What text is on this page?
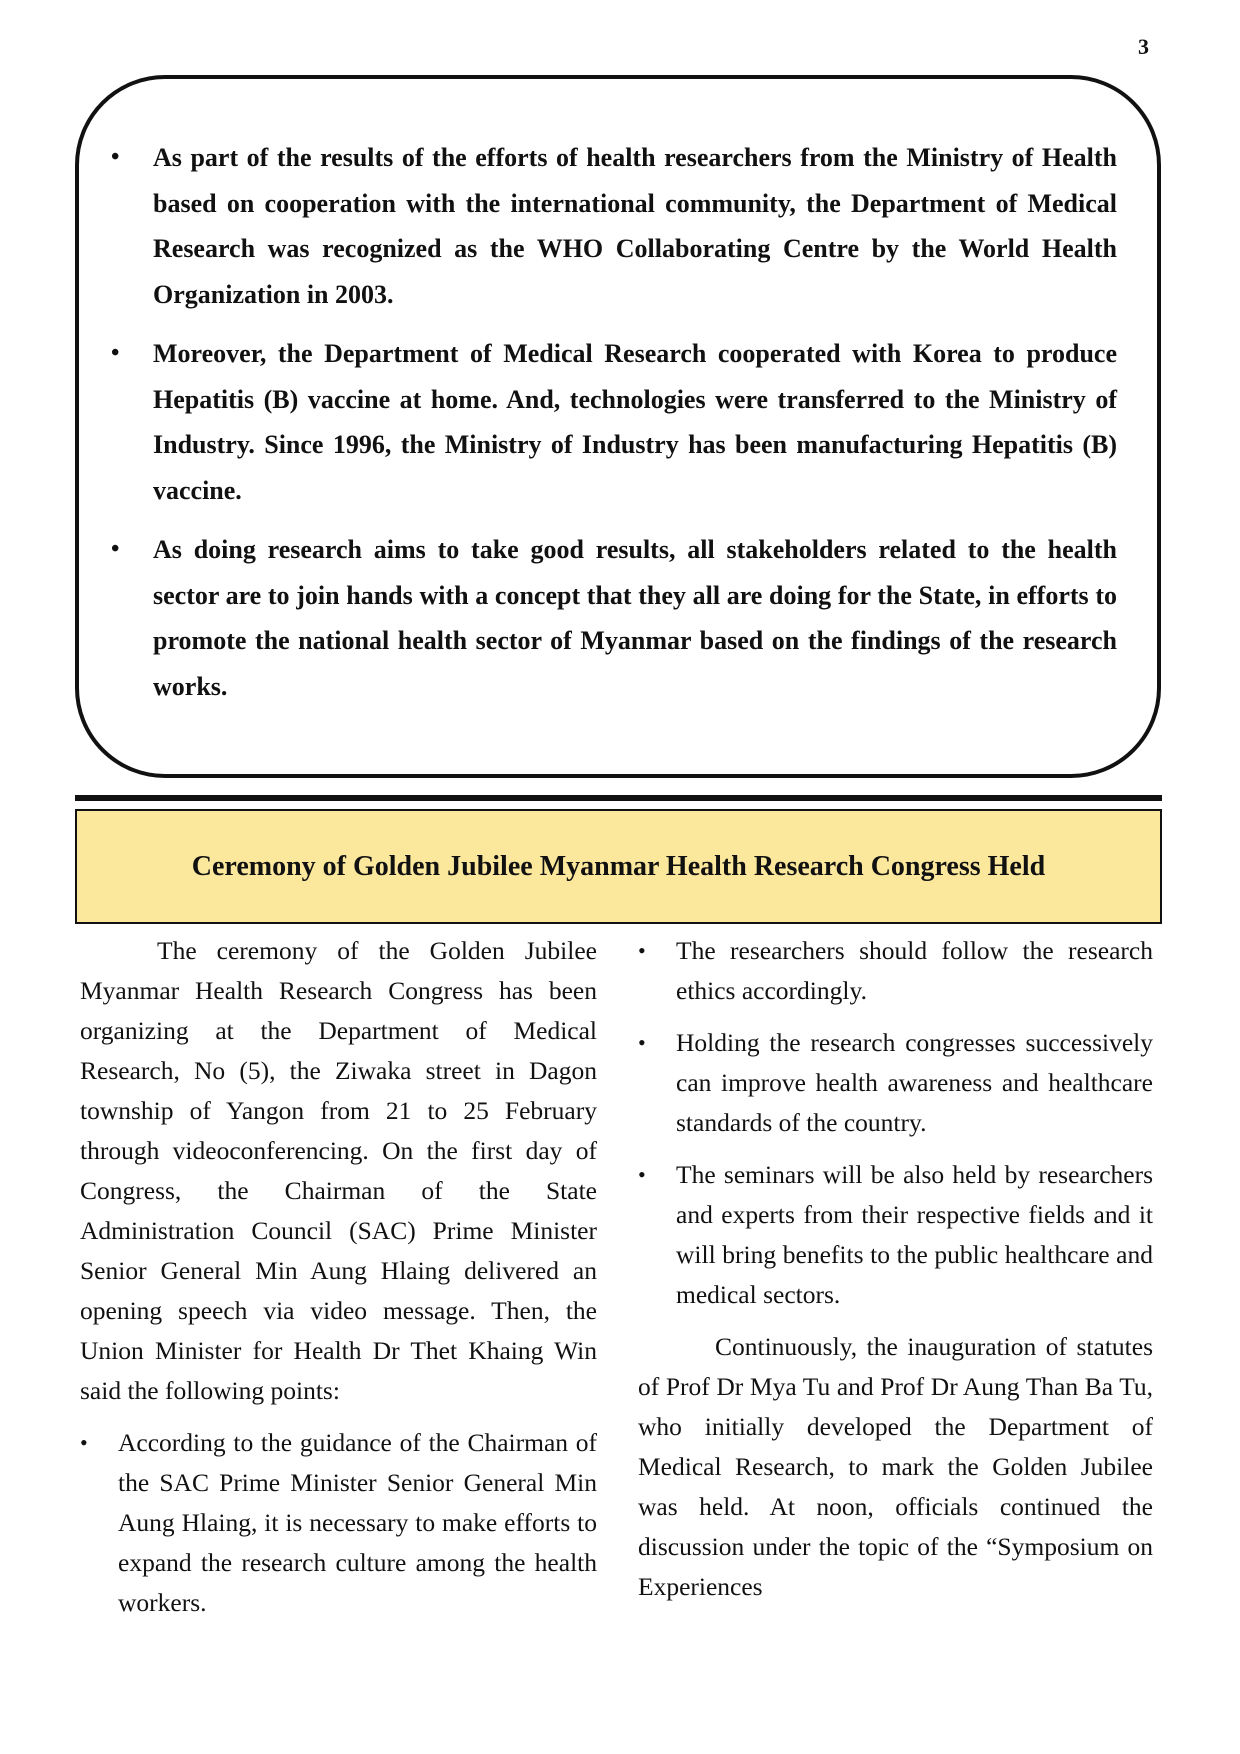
3
• As part of the results of the efforts of health researchers from the Ministry of Health based on cooperation with the international community, the Department of Medical Research was recognized as the WHO Collaborating Centre by the World Health Organization in 2003.
• Moreover, the Department of Medical Research cooperated with Korea to produce Hepatitis (B) vaccine at home. And, technologies were transferred to the Ministry of Industry. Since 1996, the Ministry of Industry has been manufacturing Hepatitis (B) vaccine.
• As doing research aims to take good results, all stakeholders related to the health sector are to join hands with a concept that they all are doing for the State, in efforts to promote the national health sector of Myanmar based on the findings of the research works.
Ceremony of Golden Jubilee Myanmar Health Research Congress Held

The ceremony of the Golden Jubilee Myanmar Health Research Congress has been organizing at the Department of Medical Research, No (5), the Ziwaka street in Dagon township of Yangon from 21 to 25 February through videoconferencing. On the first day of Congress, the Chairman of the State Administration Council (SAC) Prime Minister Senior General Min Aung Hlaing delivered an opening speech via video message. Then, the Union Minister for Health Dr Thet Khaing Win said the following points:

• According to the guidance of the Chairman of the SAC Prime Minister Senior General Min Aung Hlaing, it is necessary to make efforts to expand the research culture among the health workers.
• The researchers should follow the research ethics accordingly.
• Holding the research congresses successively can improve health awareness and healthcare standards of the country.
• The seminars will be also held by researchers and experts from their respective fields and it will bring benefits to the public healthcare and medical sectors.

Continuously, the inauguration of statutes of Prof Dr Mya Tu and Prof Dr Aung Than Ba Tu, who initially developed the Department of Medical Research, to mark the Golden Jubilee was held. At noon, officials continued the discussion under the topic of the “Symposium on Experiences
